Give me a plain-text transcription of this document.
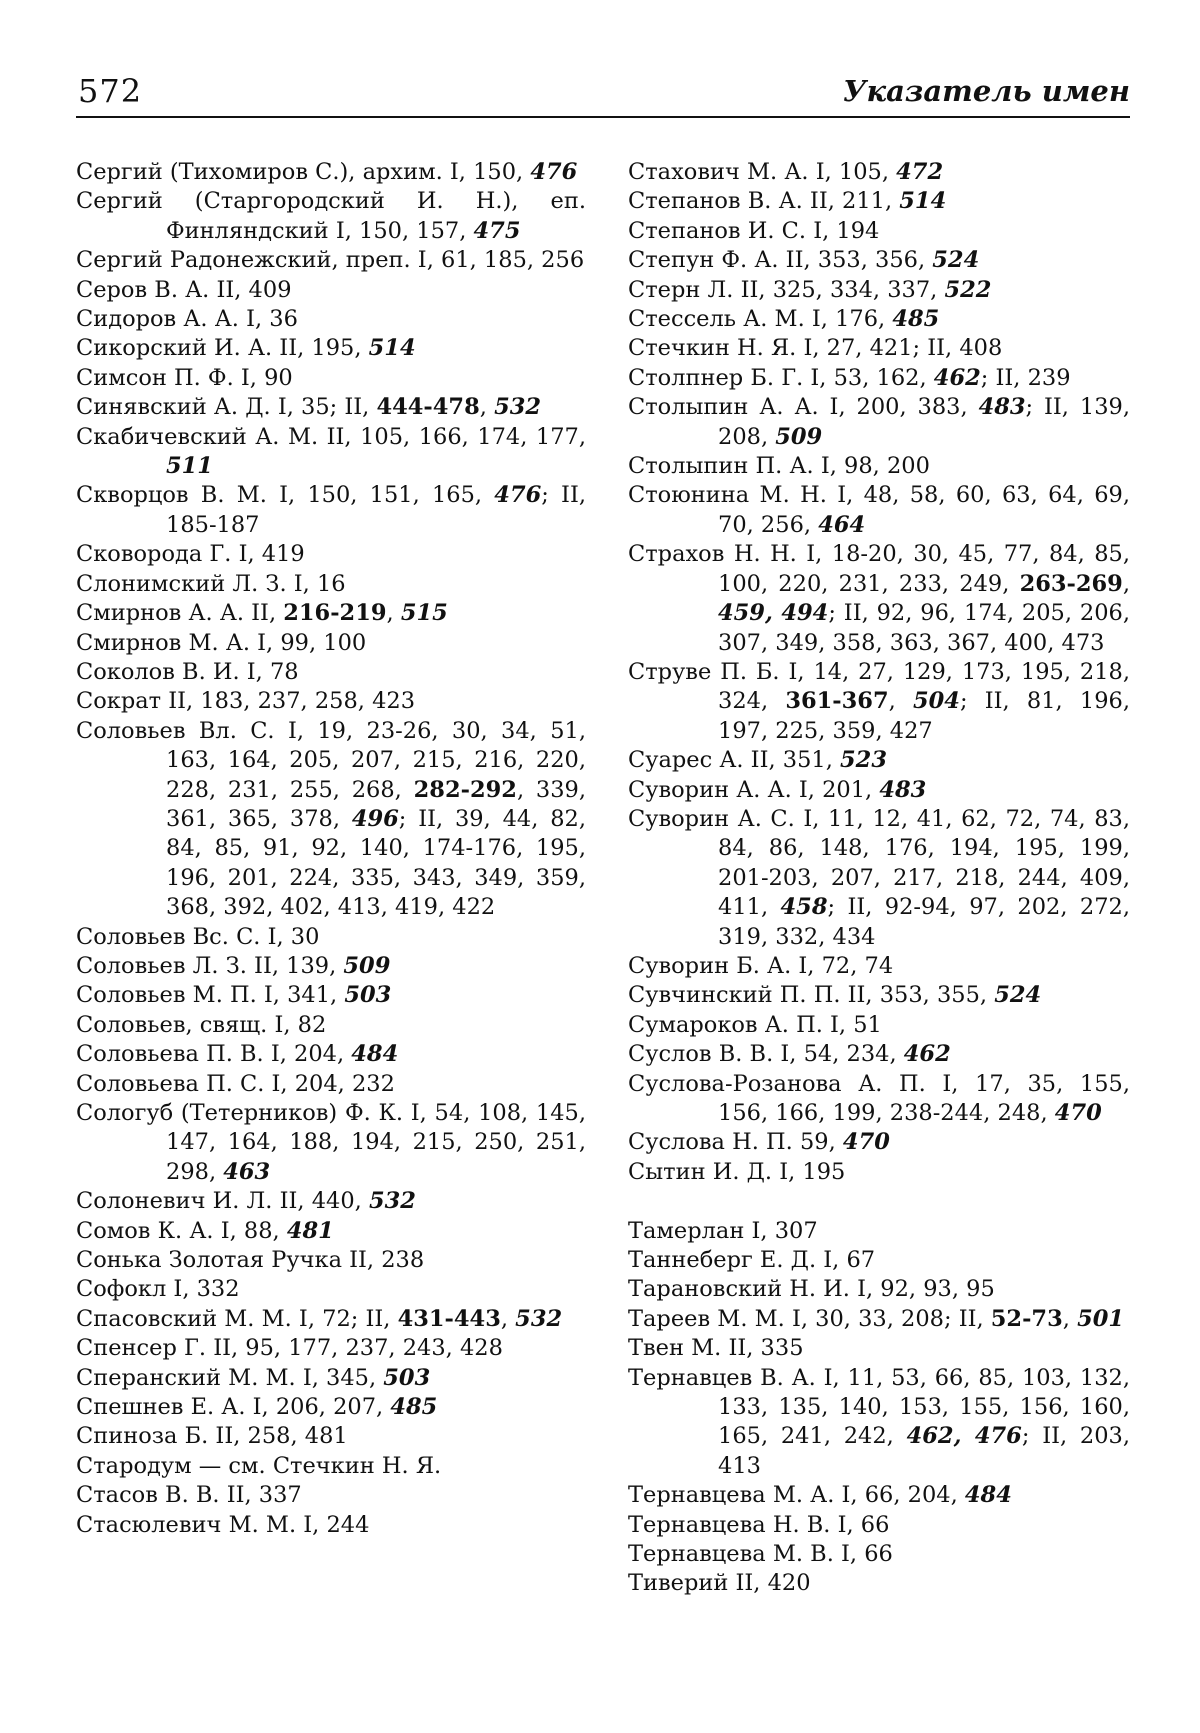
572	Указатель имен
Сергий (Тихомиров С.), архим. I, 150, 476
Сергий (Старгородский И. Н.), еп. Финляндский I, 150, 157, 475
Сергий Радонежский, преп. I, 61, 185, 256
Серов В. А. II, 409
Сидоров А. А. I, 36
Сикорский И. А. II, 195, 514
Симсон П. Ф. I, 90
Синявский А. Д. I, 35; II, 444-478, 532
Скабичевский А. М. II, 105, 166, 174, 177, 511
Скворцов В. М. I, 150, 151, 165, 476; II, 185-187
Сковорода Г. I, 419
Слонимский Л. З. I, 16
Смирнов А. А. II, 216-219, 515
Смирнов М. А. I, 99, 100
Соколов В. И. I, 78
Сократ II, 183, 237, 258, 423
Соловьев Вл. С. I, 19, 23-26, 30, 34, 51, 163, 164, 205, 207, 215, 216, 220, 228, 231, 255, 268, 282-292, 339, 361, 365, 378, 496; II, 39, 44, 82, 84, 85, 91, 92, 140, 174-176, 195, 196, 201, 224, 335, 343, 349, 359, 368, 392, 402, 413, 419, 422
Соловьев Вс. С. I, 30
Соловьев Л. З. II, 139, 509
Соловьев М. П. I, 341, 503
Соловьев, свящ. I, 82
Соловьева П. В. I, 204, 484
Соловьева П. С. I, 204, 232
Сологуб (Тетерников) Ф. К. I, 54, 108, 145, 147, 164, 188, 194, 215, 250, 251, 298, 463
Солоневич И. Л. II, 440, 532
Сомов К. А. I, 88, 481
Сонька Золотая Ручка II, 238
Софокл I, 332
Спасовский М. М. I, 72; II, 431-443, 532
Спенсер Г. II, 95, 177, 237, 243, 428
Сперанский М. М. I, 345, 503
Спешнев Е. А. I, 206, 207, 485
Спиноза Б. II, 258, 481
Стародум — см. Стечкин Н. Я.
Стасов В. В. II, 337
Стасюлевич М. М. I, 244
Стахович М. А. I, 105, 472
Степанов В. А. II, 211, 514
Степанов И. С. I, 194
Степун Ф. А. II, 353, 356, 524
Стерн Л. II, 325, 334, 337, 522
Стессель А. М. I, 176, 485
Стечкин Н. Я. I, 27, 421; II, 408
Столпнер Б. Г. I, 53, 162, 462; II, 239
Столыпин А. А. I, 200, 383, 483; II, 139, 208, 509
Столыпин П. А. I, 98, 200
Стоюнина М. Н. I, 48, 58, 60, 63, 64, 69, 70, 256, 464
Страхов Н. Н. I, 18-20, 30, 45, 77, 84, 85, 100, 220, 231, 233, 249, 263-269, 459, 494; II, 92, 96, 174, 205, 206, 307, 349, 358, 363, 367, 400, 473
Струве П. Б. I, 14, 27, 129, 173, 195, 218, 324, 361-367, 504; II, 81, 196, 197, 225, 359, 427
Суарес А. II, 351, 523
Суворин А. А. I, 201, 483
Суворин А. С. I, 11, 12, 41, 62, 72, 74, 83, 84, 86, 148, 176, 194, 195, 199, 201-203, 207, 217, 218, 244, 409, 411, 458; II, 92-94, 97, 202, 272, 319, 332, 434
Суворин Б. А. I, 72, 74
Сувчинский П. П. II, 353, 355, 524
Сумароков А. П. I, 51
Суслов В. В. I, 54, 234, 462
Суслова-Розанова А. П. I, 17, 35, 155, 156, 166, 199, 238-244, 248, 470
Суслова Н. П. 59, 470
Сытин И. Д. I, 195
Тамерлан I, 307
Таннеберг Е. Д. I, 67
Тарановский Н. И. I, 92, 93, 95
Тареев М. М. I, 30, 33, 208; II, 52-73, 501
Твен М. II, 335
Тернавцев В. А. I, 11, 53, 66, 85, 103, 132, 133, 135, 140, 153, 155, 156, 160, 165, 241, 242, 462, 476; II, 203, 413
Тернавцева М. А. I, 66, 204, 484
Тернавцева Н. В. I, 66
Тернавцева М. В. I, 66
Тиверий II, 420
